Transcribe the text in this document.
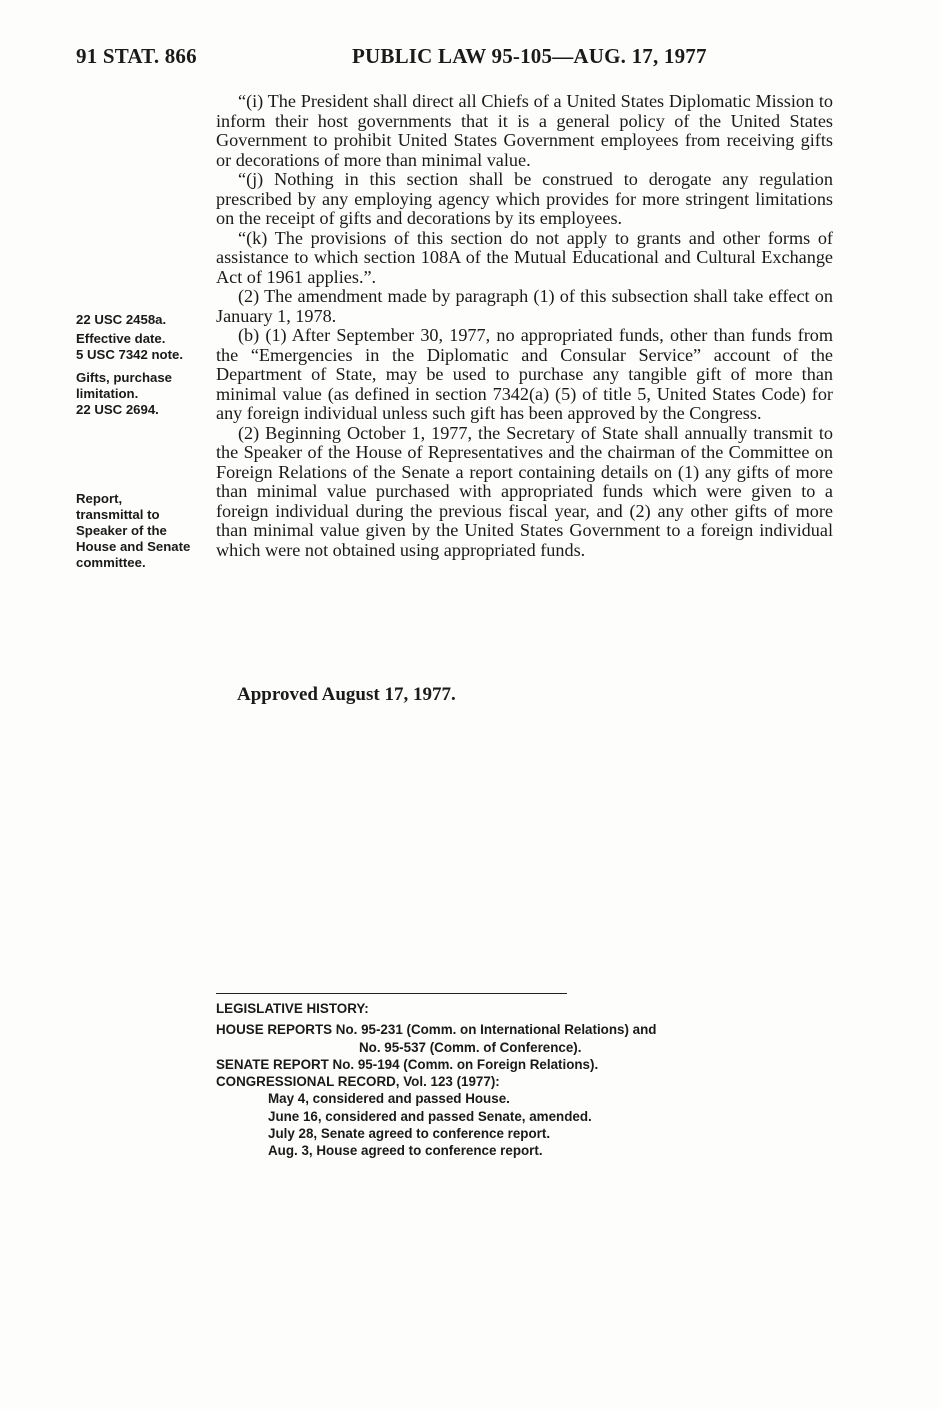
91 STAT. 866	PUBLIC LAW 95-105—AUG. 17, 1977

“(i) The President shall direct all Chiefs of a United States Diplomatic Mission to inform their host governments that it is a general policy of the United States Government to prohibit United States Government employees from receiving gifts or decorations of more than minimal value.

“(j) Nothing in this section shall be construed to derogate any regulation prescribed by any employing agency which provides for more stringent limitations on the receipt of gifts and decorations by its employees.

“(k) The provisions of this section do not apply to grants and other forms of assistance to which section 108A of the Mutual Educational and Cultural Exchange Act of 1961 applies.”.

(2) The amendment made by paragraph (1) of this subsection shall take effect on January 1, 1978.

(b) (1) After September 30, 1977, no appropriated funds, other than funds from the “Emergencies in the Diplomatic and Consular Service” account of the Department of State, may be used to purchase any tangible gift of more than minimal value (as defined in section 7342(a) (5) of title 5, United States Code) for any foreign individual unless such gift has been approved by the Congress.

(2) Beginning October 1, 1977, the Secretary of State shall annually transmit to the Speaker of the House of Representatives and the chairman of the Committee on Foreign Relations of the Senate a report containing details on (1) any gifts of more than minimal value purchased with appropriated funds which were given to a foreign individual during the previous fiscal year, and (2) any other gifts of more than minimal value given by the United States Government to a foreign individual which were not obtained using appropriated funds.

Approved August 17, 1977.
22 USC 2458a.
Effective date.
5 USC 7342 note.
Gifts, purchase
limitation.
22 USC 2694.
Report,
transmittal to
Speaker of the
House and Senate
committee.
LEGISLATIVE HISTORY:
HOUSE REPORTS No. 95-231 (Comm. on International Relations) and
No. 95-537 (Comm. of Conference).
SENATE REPORT No. 95-194 (Comm. on Foreign Relations).
CONGRESSIONAL RECORD, Vol. 123 (1977):
May 4, considered and passed House.
June 16, considered and passed Senate, amended.
July 28, Senate agreed to conference report.
Aug. 3, House agreed to conference report.
